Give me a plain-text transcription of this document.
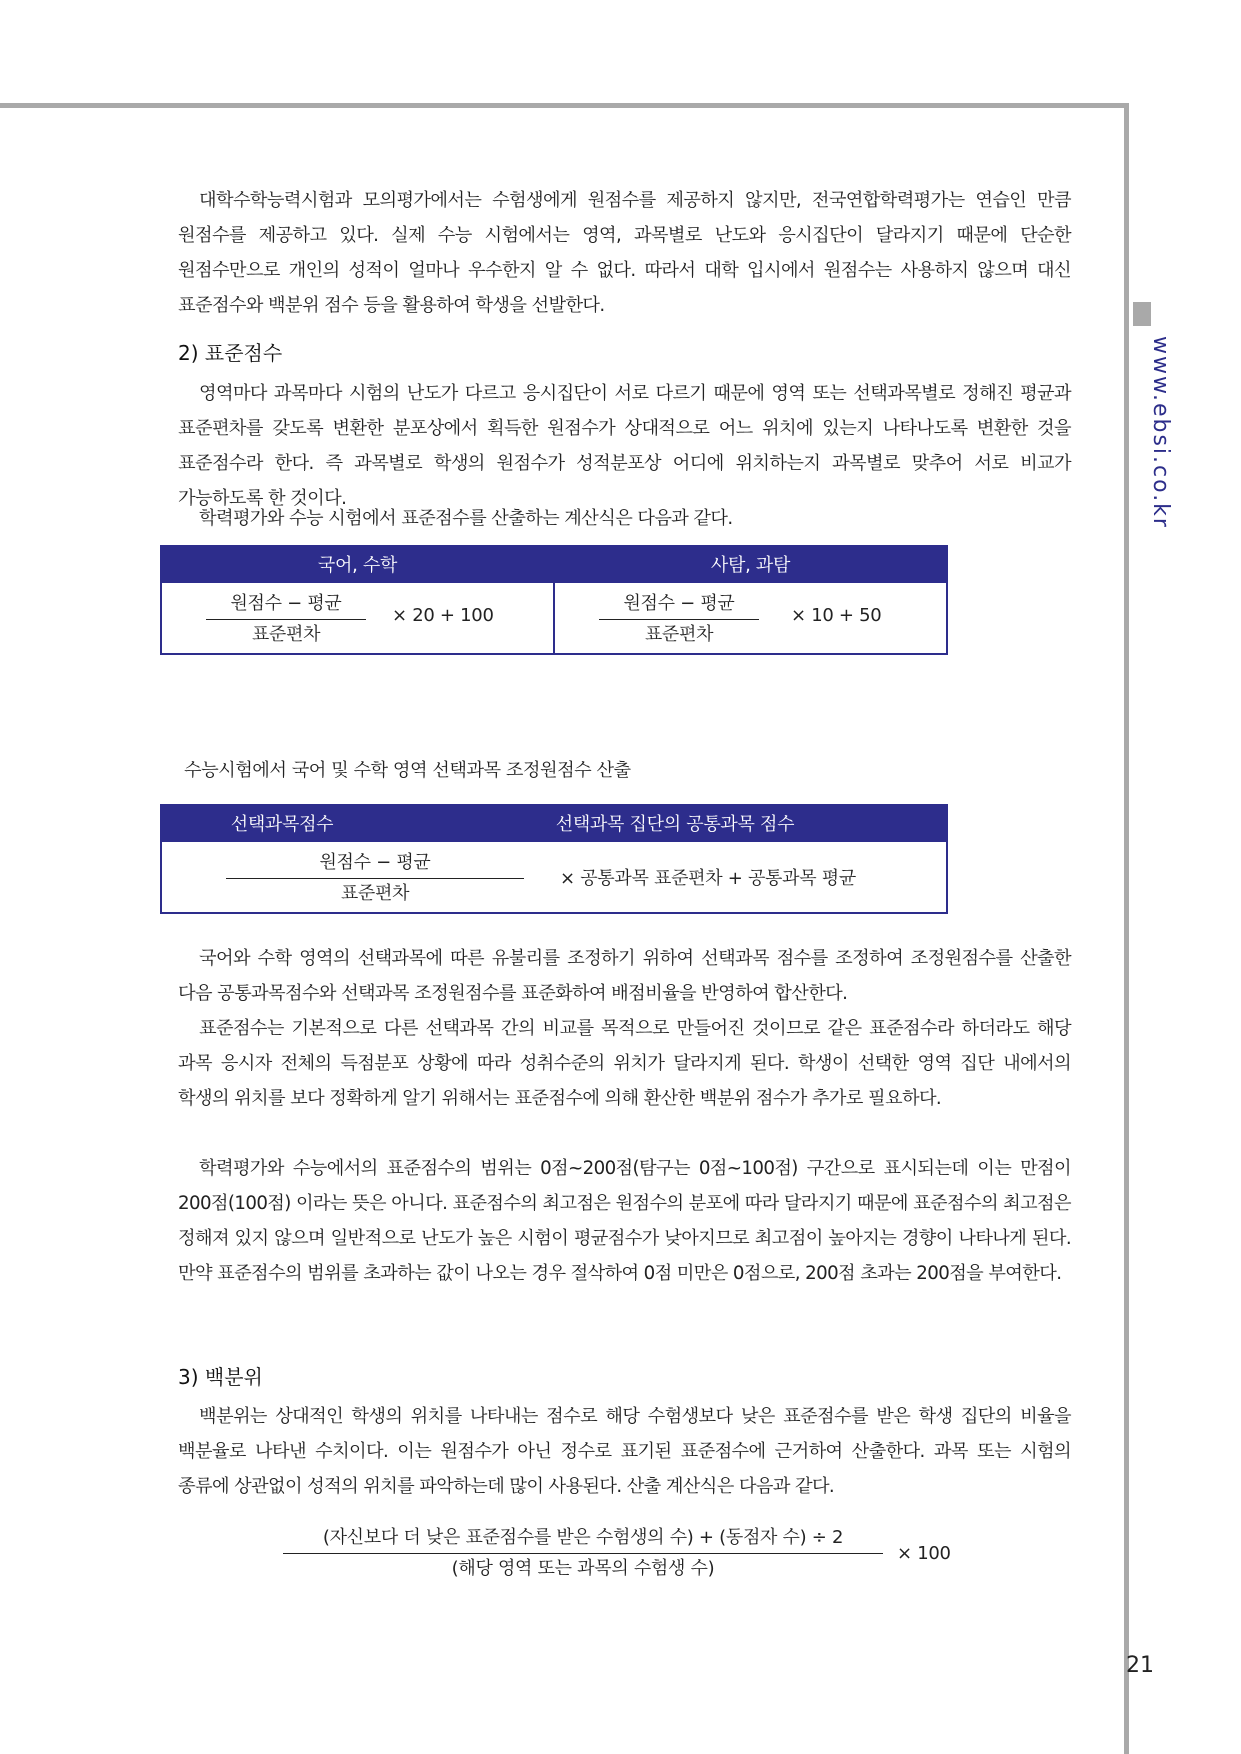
www.ebsi.co.kr

대학수학능력시험과 모의평가에서는 수험생에게 원점수를 제공하지 않지만, 전국연합학력평가는 연습인 만큼 원점수를 제공하고 있다. 실제 수능 시험에서는 영역, 과목별로 난도와 응시집단이 달라지기 때문에 단순한 원점수만으로 개인의 성적이 얼마나 우수한지 알 수 없다. 따라서 대학 입시에서 원점수는 사용하지 않으며 대신 표준점수와 백분위 점수 등을 활용하여 학생을 선발한다.

2) 표준점수

영역마다 과목마다 시험의 난도가 다르고 응시집단이 서로 다르기 때문에 영역 또는 선택과목별로 정해진 평균과 표준편차를 갖도록 변환한 분포상에서 획득한 원점수가 상대적으로 어느 위치에 있는지 나타나도록 변환한 것을 표준점수라 한다. 즉 과목별로 학생의 원점수가 성적분포상 어디에 위치하는지 과목별로 맞추어 서로 비교가 가능하도록 한 것이다.

학력평가와 수능 시험에서 표준점수를 산출하는 계산식은 다음과 같다.

국어, 수학	사탐, 과탐

원점수 − 평균
표준편차
× 20 + 100	원점수 − 평균
표준편차
× 10 + 50
수능시험에서 국어 및 수학 영역 선택과목 조정원점수 산출
선택과목점수	선택과목 집단의 공통과목 점수

원점수 − 평균
표준편차
× 공통과목 표준편차 + 공통과목 평균

국어와 수학 영역의 선택과목에 따른 유불리를 조정하기 위하여 선택과목 점수를 조정하여 조정원점수를 산출한 다음 공통과목점수와 선택과목 조정원점수를 표준화하여 배점비율을 반영하여 합산한다.

표준점수는 기본적으로 다른 선택과목 간의 비교를 목적으로 만들어진 것이므로 같은 표준점수라 하더라도 해당 과목 응시자 전체의 득점분포 상황에 따라 성취수준의 위치가 달라지게 된다. 학생이 선택한 영역 집단 내에서의 학생의 위치를 보다 정확하게 알기 위해서는 표준점수에 의해 환산한 백분위 점수가 추가로 필요하다.

학력평가와 수능에서의 표준점수의 범위는 0점~200점(탐구는 0점~100점) 구간으로 표시되는데 이는 만점이 200점(100점) 이라는 뜻은 아니다. 표준점수의 최고점은 원점수의 분포에 따라 달라지기 때문에 표준점수의 최고점은 정해져 있지 않으며 일반적으로 난도가 높은 시험이 평균점수가 낮아지므로 최고점이 높아지는 경향이 나타나게 된다. 만약 표준점수의 범위를 초과하는 값이 나오는 경우 절삭하여 0점 미만은 0점으로, 200점 초과는 200점을 부여한다.

3) 백분위

백분위는 상대적인 학생의 위치를 나타내는 점수로 해당 수험생보다 낮은 표준점수를 받은 학생 집단의 비율을 백분율로 나타낸 수치이다. 이는 원점수가 아닌 정수로 표기된 표준점수에 근거하여 산출한다. 과목 또는 시험의 종류에 상관없이 성적의 위치를 파악하는데 많이 사용된다. 산출 계산식은 다음과 같다.

(자신보다 더 낮은 표준점수를 받은 수험생의 수) + (동점자 수) ÷ 2
(해당 영역 또는 과목의 수험생 수)
× 100
21
